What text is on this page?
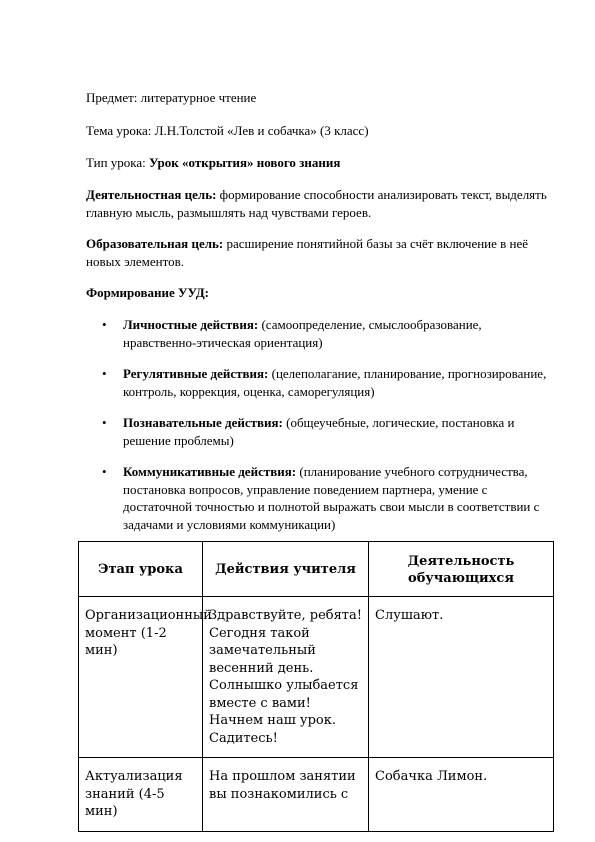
Предмет: литературное чтение

Тема урока: Л.Н.Толстой «Лев и собачка» (3 класс)

Тип урока: Урок «открытия» нового знания

Деятельностная цель: формирование способности анализировать текст, выделять главную мысль, размышлять над чувствами героев.

Образовательная цель: расширение понятийной базы за счёт включение в неё новых элементов.

Формирование УУД:

• Личностные действия: (самоопределение, смыслообразование, нравственно-этическая ориентация)
• Регулятивные действия: (целеполагание, планирование, прогнозирование, контроль, коррекция, оценка, саморегуляция)
• Познавательные действия: (общеучебные, логические, постановка и решение проблемы)
• Коммуникативные действия: (планирование учебного сотрудничества, постановка вопросов, управление поведением партнера, умение с достаточной точностью и полнотой выражать свои мысли в соответствии с задачами и условиями коммуникации)
Этап урока	Действия учителя	Деятельность обучающихся
Организационный момент (1-2 мин)	Здравствуйте, ребята! Сегодня такой замечательный весенний день. Солнышко улыбается вместе с вами! Начнем наш урок. Садитесь!	Слушают.
Актуализация знаний (4-5 мин)	На прошлом занятии вы познакомились с	Собачка Лимон.
